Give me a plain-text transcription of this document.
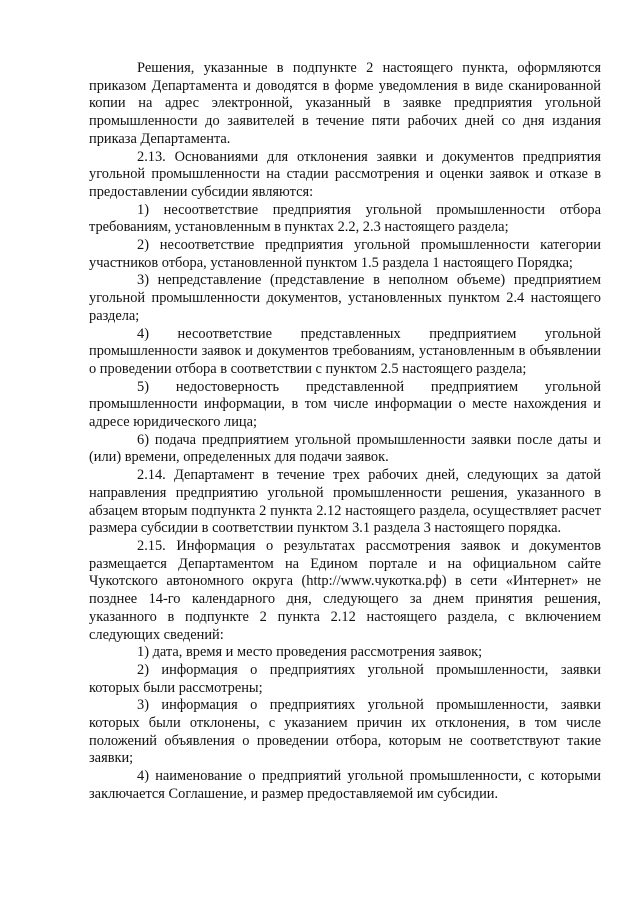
Решения, указанные в подпункте 2 настоящего пункта, оформляются приказом Департамента и доводятся в форме уведомления в виде сканированной копии на адрес электронной, указанный в заявке предприятия угольной промышленности до заявителей в течение пяти рабочих дней со дня издания приказа Департамента.

2.13. Основаниями для отклонения заявки и документов предприятия угольной промышленности на стадии рассмотрения и оценки заявок и отказе в предоставлении субсидии являются:

1) несоответствие предприятия угольной промышленности отбора требованиям, установленным в пунктах 2.2, 2.3 настоящего раздела;

2) несоответствие предприятия угольной промышленности категории участников отбора, установленной пунктом 1.5 раздела 1 настоящего Порядка;

3) непредставление (представление в неполном объеме) предприятием угольной промышленности документов, установленных пунктом 2.4 настоящего раздела;

4) несоответствие представленных предприятием угольной промышленности заявок и документов требованиям, установленным в объявлении о проведении отбора в соответствии с пунктом 2.5 настоящего раздела;

5) недостоверность представленной предприятием угольной промышленности информации, в том числе информации о месте нахождения и адресе юридического лица;

6) подача предприятием угольной промышленности заявки после даты и (или) времени, определенных для подачи заявок.

2.14. Департамент в течение трех рабочих дней, следующих за датой направления предприятию угольной промышленности решения, указанного в абзацем вторым подпункта 2 пункта 2.12 настоящего раздела, осуществляет расчет размера субсидии в соответствии пунктом 3.1 раздела 3 настоящего порядка.

2.15. Информация о результатах рассмотрения заявок и документов размещается Департаментом на Едином портале и на официальном сайте Чукотского автономного округа (http://www.чукотка.рф) в сети «Интернет» не позднее 14-го календарного дня, следующего за днем принятия решения, указанного в подпункте 2 пункта 2.12 настоящего раздела, с включением следующих сведений:

1) дата, время и место проведения рассмотрения заявок;

2) информация о предприятиях угольной промышленности, заявки которых были рассмотрены;

3) информация о предприятиях угольной промышленности, заявки которых были отклонены, с указанием причин их отклонения, в том числе положений объявления о проведении отбора, которым не соответствуют такие заявки;

4) наименование о предприятий угольной промышленности, с которыми заключается Соглашение, и размер предоставляемой им субсидии.
